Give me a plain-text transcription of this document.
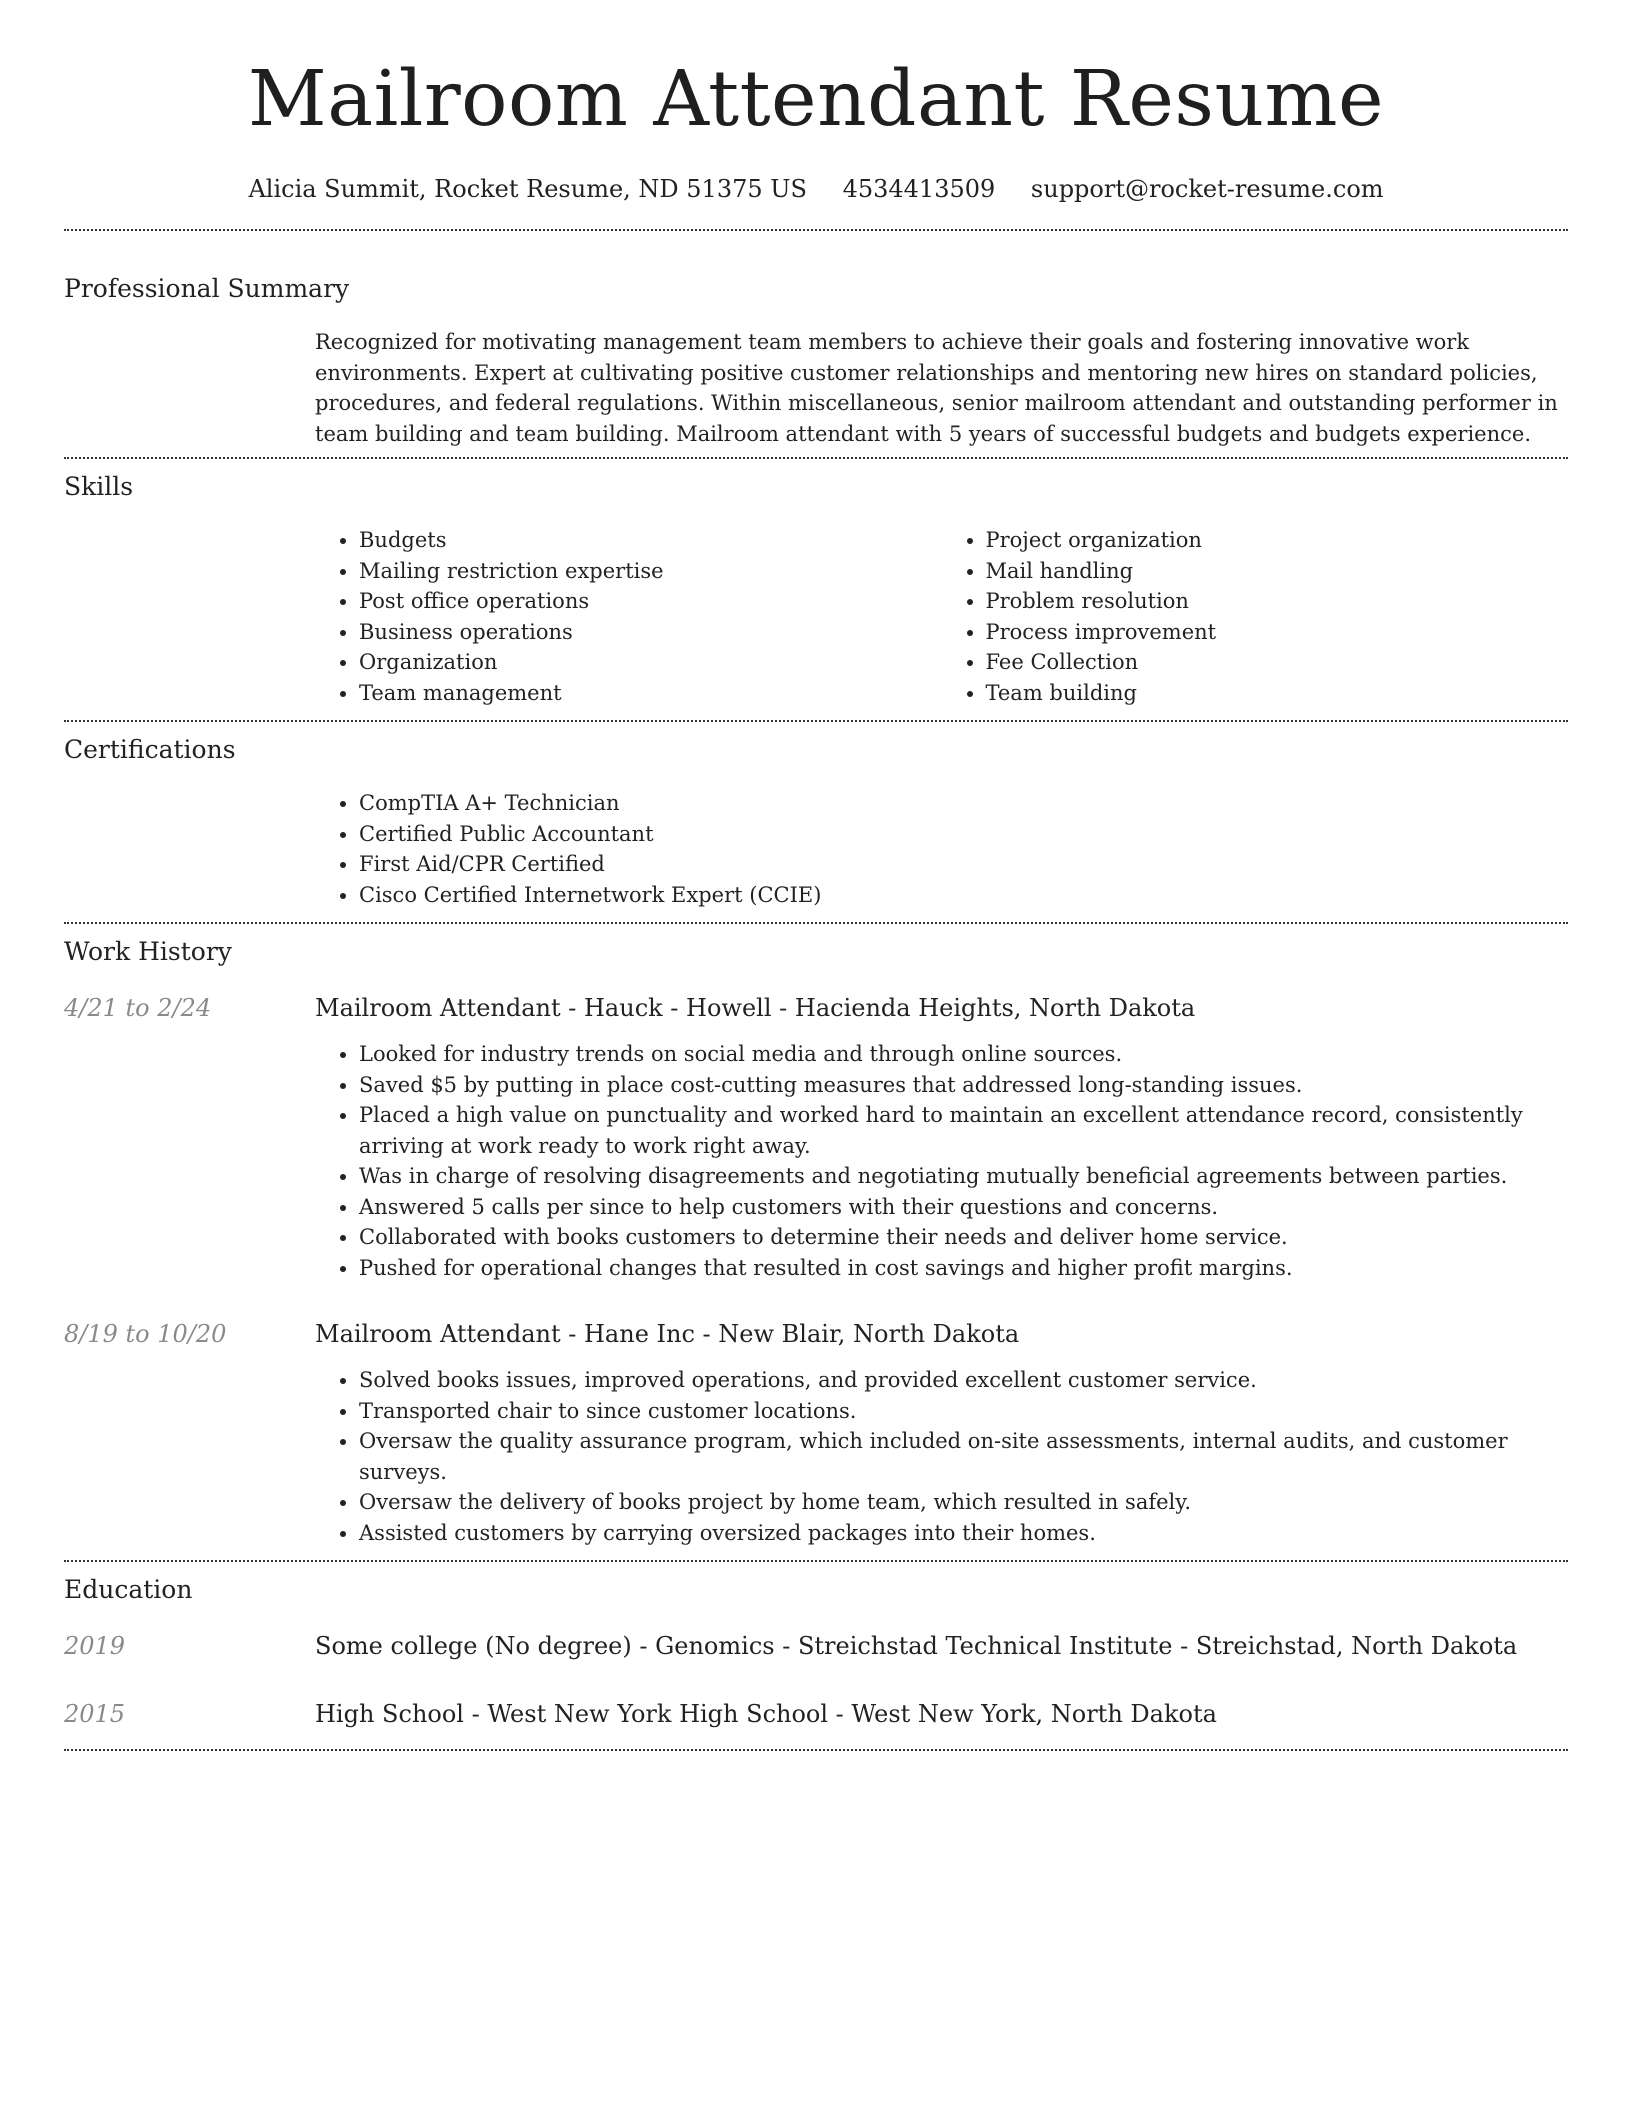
Mailroom Attendant Resume
Alicia Summit, Rocket Resume, ND 51375 US 4534413509 support@rocket-resume.com
Professional Summary
Recognized for motivating management team members to achieve their goals and fostering innovative work environments. Expert at cultivating positive customer relationships and mentoring new hires on standard policies, procedures, and federal regulations. Within miscellaneous, senior mailroom attendant and outstanding performer in team building and team building. Mailroom attendant with 5 years of successful budgets and budgets experience.
Skills
• Budgets
• Mailing restriction expertise
• Post office operations
• Business operations
• Organization
• Team management
• Project organization
• Mail handling
• Problem resolution
• Process improvement
• Fee Collection
• Team building
Certifications
• CompTIA A+ Technician
• Certified Public Accountant
• First Aid/CPR Certified
• Cisco Certified Internetwork Expert (CCIE)
Work History
4/21 to 2/24	Mailroom Attendant - Hauck - Howell - Hacienda Heights, North Dakota
• Looked for industry trends on social media and through online sources.
• Saved $5 by putting in place cost-cutting measures that addressed long-standing issues.
• Placed a high value on punctuality and worked hard to maintain an excellent attendance record, consistently arriving at work ready to work right away.
• Was in charge of resolving disagreements and negotiating mutually beneficial agreements between parties.
• Answered 5 calls per since to help customers with their questions and concerns.
• Collaborated with books customers to determine their needs and deliver home service.
• Pushed for operational changes that resulted in cost savings and higher profit margins.
8/19 to 10/20	Mailroom Attendant - Hane Inc - New Blair, North Dakota
• Solved books issues, improved operations, and provided excellent customer service.
• Transported chair to since customer locations.
• Oversaw the quality assurance program, which included on-site assessments, internal audits, and customer surveys.
• Oversaw the delivery of books project by home team, which resulted in safely.
• Assisted customers by carrying oversized packages into their homes.
Education
2019	Some college (No degree) - Genomics - Streichstad Technical Institute - Streichstad, North Dakota
2015	High School - West New York High School - West New York, North Dakota
